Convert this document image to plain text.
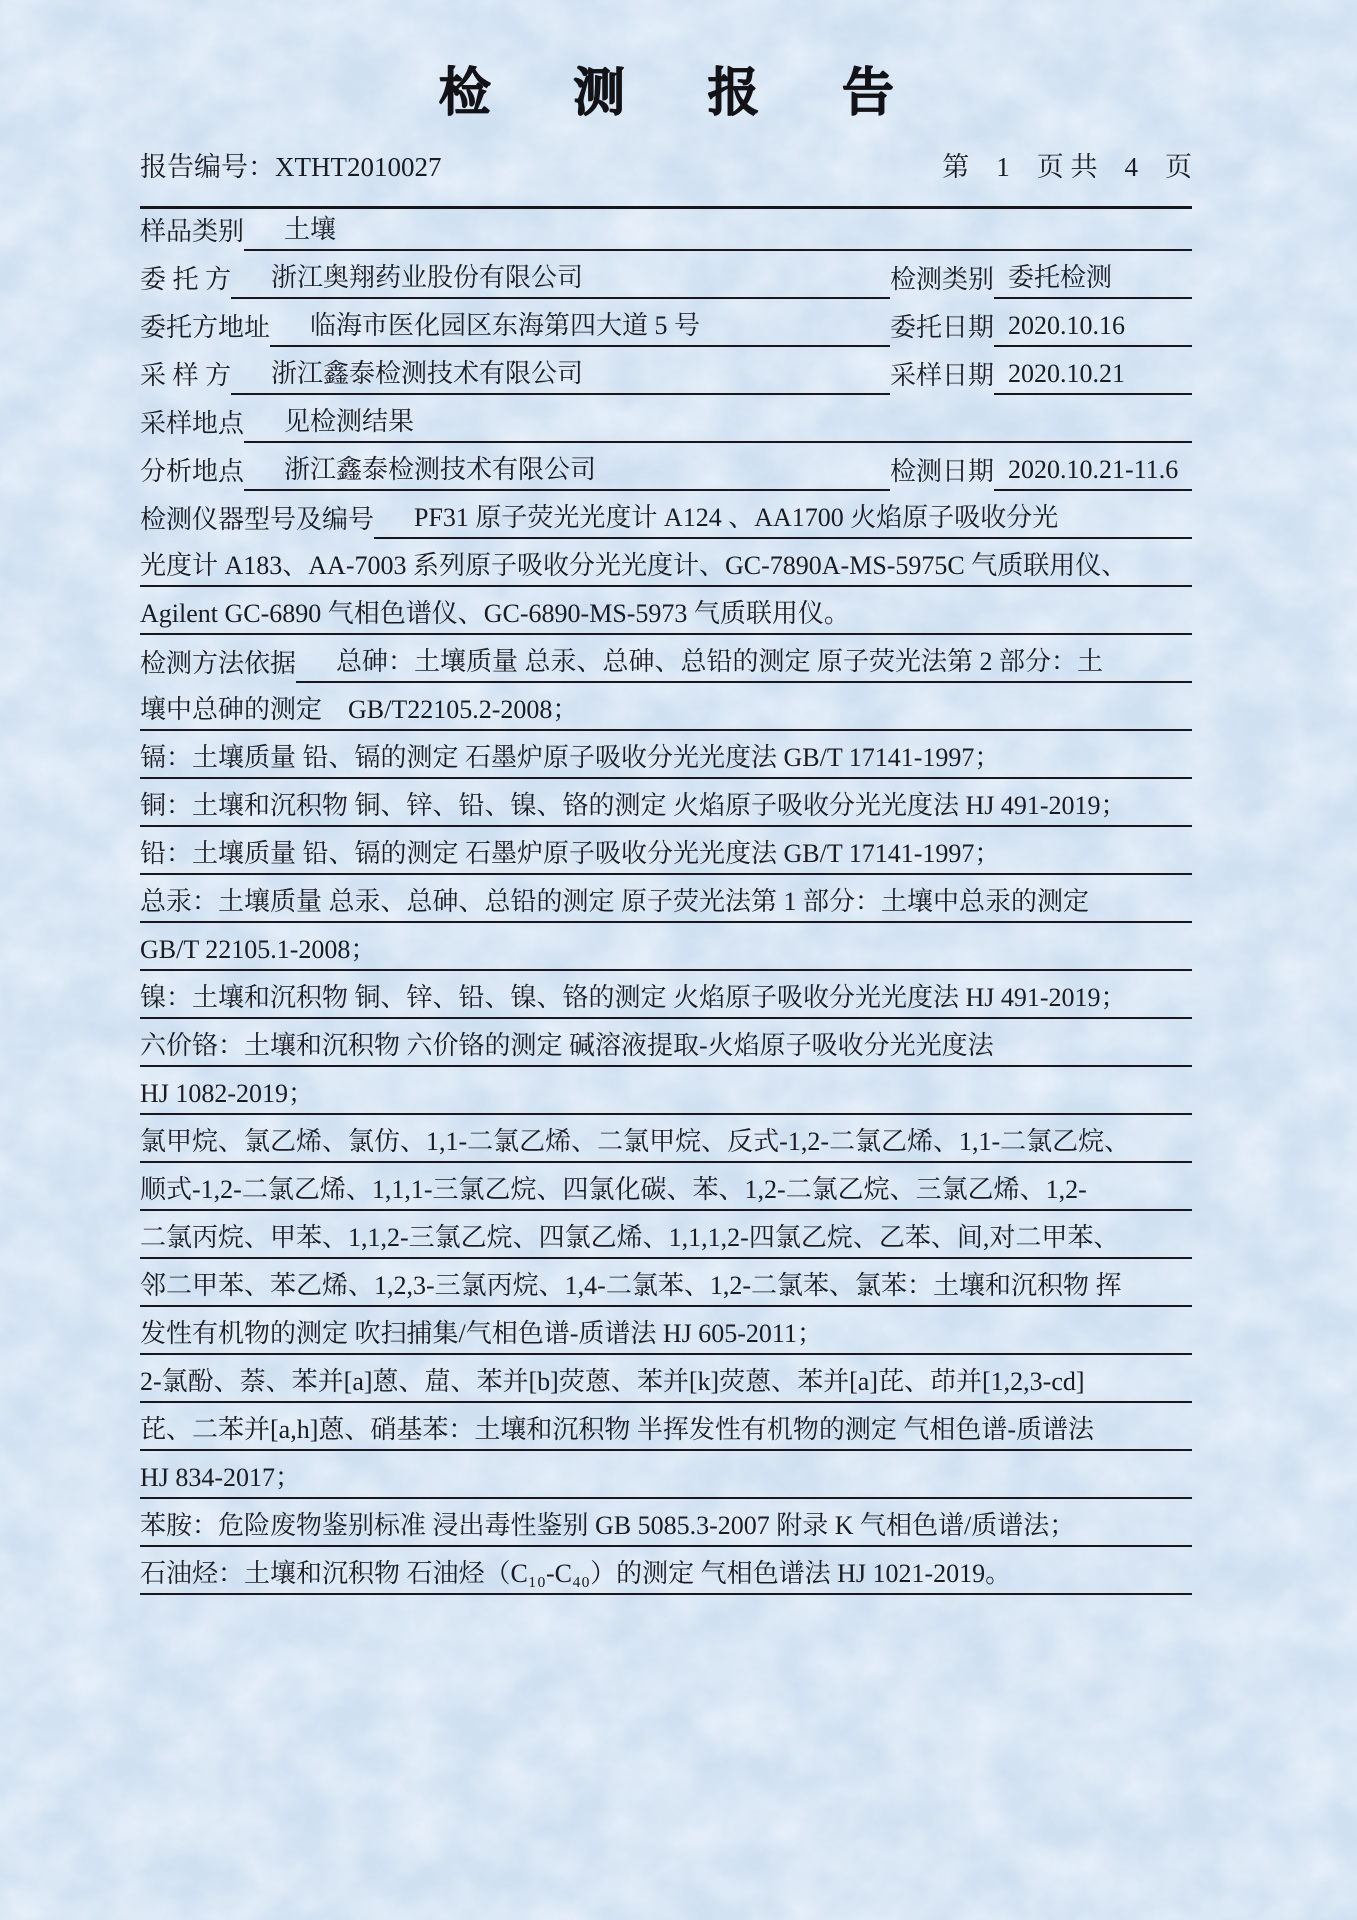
检 测 报 告
报告编号：XTHT2010027	第　1　页 共　4　页
样品类别	土壤
委 托 方	浙江奥翔药业股份有限公司	检测类别 委托检测
委托方地址	临海市医化园区东海第四大道 5 号	委托日期 2020.10.16
采 样 方	浙江鑫泰检测技术有限公司	采样日期 2020.10.21
采样地点	见检测结果
分析地点	浙江鑫泰检测技术有限公司	检测日期 2020.10.21-11.6
检测仪器型号及编号	PF31 原子荧光光度计 A124 、AA1700 火焰原子吸收分光
光度计 A183、AA-7003 系列原子吸收分光光度计、GC-7890A-MS-5975C 气质联用仪、
Agilent GC-6890 气相色谱仪、GC-6890-MS-5973 气质联用仪。
检测方法依据	总砷：土壤质量 总汞、总砷、总铅的测定 原子荧光法第 2 部分：土
壤中总砷的测定　GB/T22105.2-2008；
镉：土壤质量 铅、镉的测定 石墨炉原子吸收分光光度法 GB/T 17141-1997；
铜：土壤和沉积物 铜、锌、铅、镍、铬的测定 火焰原子吸收分光光度法 HJ 491-2019；
铅：土壤质量 铅、镉的测定 石墨炉原子吸收分光光度法 GB/T 17141-1997；
总汞：土壤质量 总汞、总砷、总铅的测定 原子荧光法第 1 部分：土壤中总汞的测定
GB/T 22105.1-2008；
镍：土壤和沉积物 铜、锌、铅、镍、铬的测定 火焰原子吸收分光光度法 HJ 491-2019；
六价铬：土壤和沉积物 六价铬的测定 碱溶液提取-火焰原子吸收分光光度法
HJ 1082-2019；
氯甲烷、氯乙烯、氯仿、1,1-二氯乙烯、二氯甲烷、反式-1,2-二氯乙烯、1,1-二氯乙烷、
顺式-1,2-二氯乙烯、1,1,1-三氯乙烷、四氯化碳、苯、1,2-二氯乙烷、三氯乙烯、1,2-
二氯丙烷、甲苯、1,1,2-三氯乙烷、四氯乙烯、1,1,1,2-四氯乙烷、乙苯、间,对二甲苯、
邻二甲苯、苯乙烯、1,2,3-三氯丙烷、1,4-二氯苯、1,2-二氯苯、氯苯：土壤和沉积物 挥
发性有机物的测定 吹扫捕集/气相色谱-质谱法 HJ 605-2011；
2-氯酚、萘、苯并[a]蒽、䓛、苯并[b]荧蒽、苯并[k]荧蒽、苯并[a]芘、茚并[1,2,3-cd]
芘、二苯并[a,h]蒽、硝基苯：土壤和沉积物 半挥发性有机物的测定 气相色谱-质谱法
HJ 834-2017；
苯胺：危险废物鉴别标准 浸出毒性鉴别 GB 5085.3-2007 附录 K 气相色谱/质谱法；
石油烃：土壤和沉积物 石油烃（C₁₀-C₄₀）的测定 气相色谱法 HJ 1021-2019。
